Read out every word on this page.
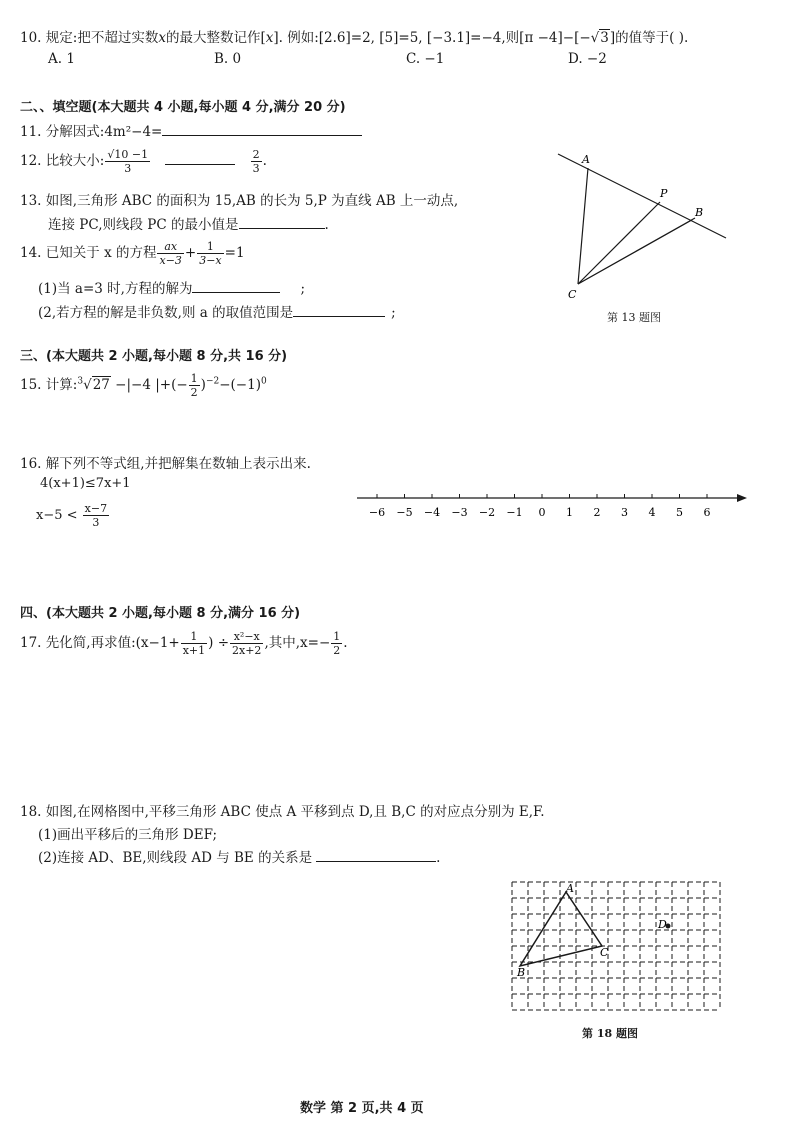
10. 规定:把不超过实数x的最大整数记作[x]. 例如:[2.6]=2, [5]=5, [−3.1]=−4,则[π −4]−[−√3]的值等于( ).
A. 1	B. 0	C. −1	D. −2
二、、填空题(本大题共 4 小题,每小题 4 分,满分 20 分)
11. 分解因式:4m²−4=
12. 比较大小: $\frac{√10 -1}{3}$
	$\frac{2}{3}$ .
13. 如图,三角形 ABC 的面积为 15,AB 的长为 5,P 为直线 AB 上一动点,
连接 PC,则线段 PC 的最小值是	.
A
P
B
C
第 13 题图
14. 已知关于 x 的方程 $\frac{ax}{x-3} + \frac{1}{3-x} =1$
(1)当 a=3 时,方程的解为	;
(2,若方程的解是非负数,则 a 的取值范围是	;
三、(本大题共 2 小题,每小题 8 分,共 16 分)
15. 计算:$^3$√27 −|−4 |+(− $\frac{1}{2} )^{-2}-(-1)^0$
16. 解下列不等式组,并把解集在数轴上表示出来.
4(x+1)≤7x+1
$x-5 < \frac{x-7}{3}$	−6 −5 −4 −3 −2 −1 0 1 2 3 4 5 6
四、(本大题共 2 小题,每小题 8 分,满分 16 分)
17. 先化简,再求值:(x−1+ $\frac{1}{x+1}$ ) ÷ $\frac{\text{x²−x}}{2x+2}$ ,其中$,x=- \frac{1}{2}$ .
18. 如图,在网格图中,平移三角形 ABC 使点 A 平移到点 D,且 B,C 的对应点分别为 E,F.
(1)画出平移后的三角形 DEF;
(2)连接 AD、BE,则线段 AD 与 BE 的关系是	.
A
B
C
D
第 18 题图
数学 第 2 页,共 4 页
